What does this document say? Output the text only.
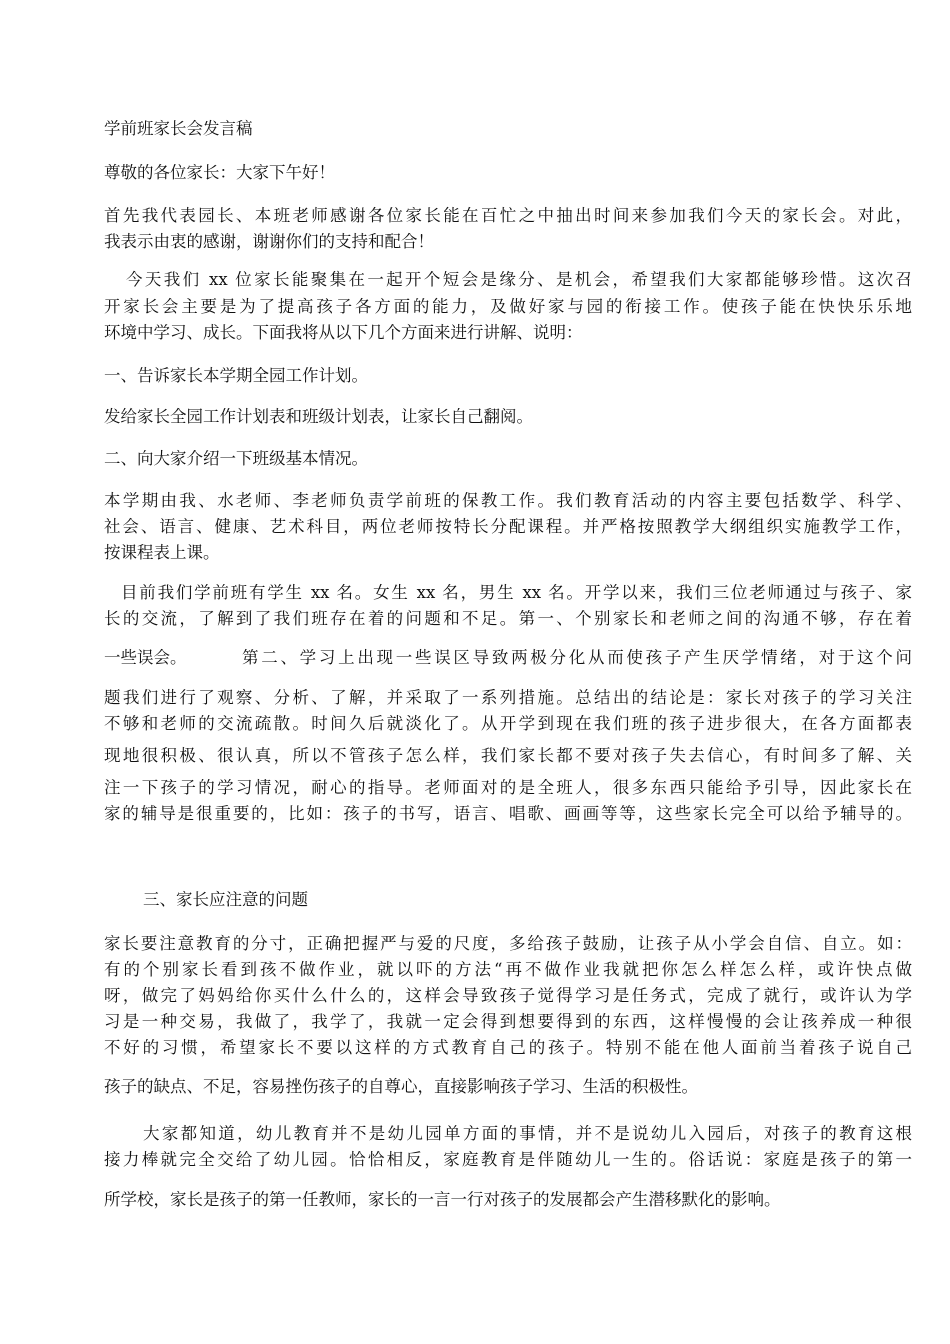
学前班家长会发言稿
尊敬的各位家长：大家下午好！
首先我代表园长、本班老师感谢各位家长能在百忙之中抽出时间来参加我们今天的家长会。对此，
我表示由衷的感谢，谢谢你们的支持和配合！
今天我们 xx 位家长能聚集在一起开个短会是缘分、是机会，希望我们大家都能够珍惜。这次召
开家长会主要是为了提高孩子各方面的能力，及做好家与园的衔接工作。使孩子能在快快乐乐地
环境中学习、成长。下面我将从以下几个方面来进行讲解、说明：
一、告诉家长本学期全园工作计划。
发给家长全园工作计划表和班级计划表，让家长自己翻阅。
二、向大家介绍一下班级基本情况。
本学期由我、水老师、李老师负责学前班的保教工作。我们教育活动的内容主要包括数学、科学、
社会、语言、健康、艺术科目，两位老师按特长分配课程。并严格按照教学大纲组织实施教学工作，
按课程表上课。
目前我们学前班有学生 xx 名。女生 xx 名，男生 xx 名。开学以来，我们三位老师通过与孩子、家
长的交流，了解到了我们班存在着的问题和不足。第一、个别家长和老师之间的沟通不够，存在着
一些误会。	第二、学习上出现一些误区导致两极分化从而使孩子产生厌学情绪，对于这个问
题我们进行了观察、分析、了解，并采取了一系列措施。总结出的结论是：家长对孩子的学习关注
不够和老师的交流疏散。时间久后就淡化了。从开学到现在我们班的孩子进步很大，在各方面都表
现地很积极、很认真，所以不管孩子怎么样，我们家长都不要对孩子失去信心，有时间多了解、关
注一下孩子的学习情况，耐心的指导。老师面对的是全班人，很多东西只能给予引导，因此家长在
家的辅导是很重要的，比如：孩子的书写，语言、唱歌、画画等等，这些家长完全可以给予辅导的。
三、家长应注意的问题
家长要注意教育的分寸，正确把握严与爱的尺度，多给孩子鼓励，让孩子从小学会自信、自立。如：
有的个别家长看到孩不做作业，就以吓的方法“再不做作业我就把你怎么样怎么样，或许快点做
呀，做完了妈妈给你买什么什么的，这样会导致孩子觉得学习是任务式，完成了就行，或许认为学
习是一种交易，我做了，我学了，我就一定会得到想要得到的东西，这样慢慢的会让孩养成一种很
不好的习惯，希望家长不要以这样的方式教育自己的孩子。特别不能在他人面前当着孩子说自己
孩子的缺点、不足，容易挫伤孩子的自尊心，直接影响孩子学习、生活的积极性。
大家都知道，幼儿教育并不是幼儿园单方面的事情，并不是说幼儿入园后，对孩子的教育这根
接力棒就完全交给了幼儿园。恰恰相反，家庭教育是伴随幼儿一生的。俗话说：家庭是孩子的第一
所学校，家长是孩子的第一任教师，家长的一言一行对孩子的发展都会产生潜移默化的影响。
